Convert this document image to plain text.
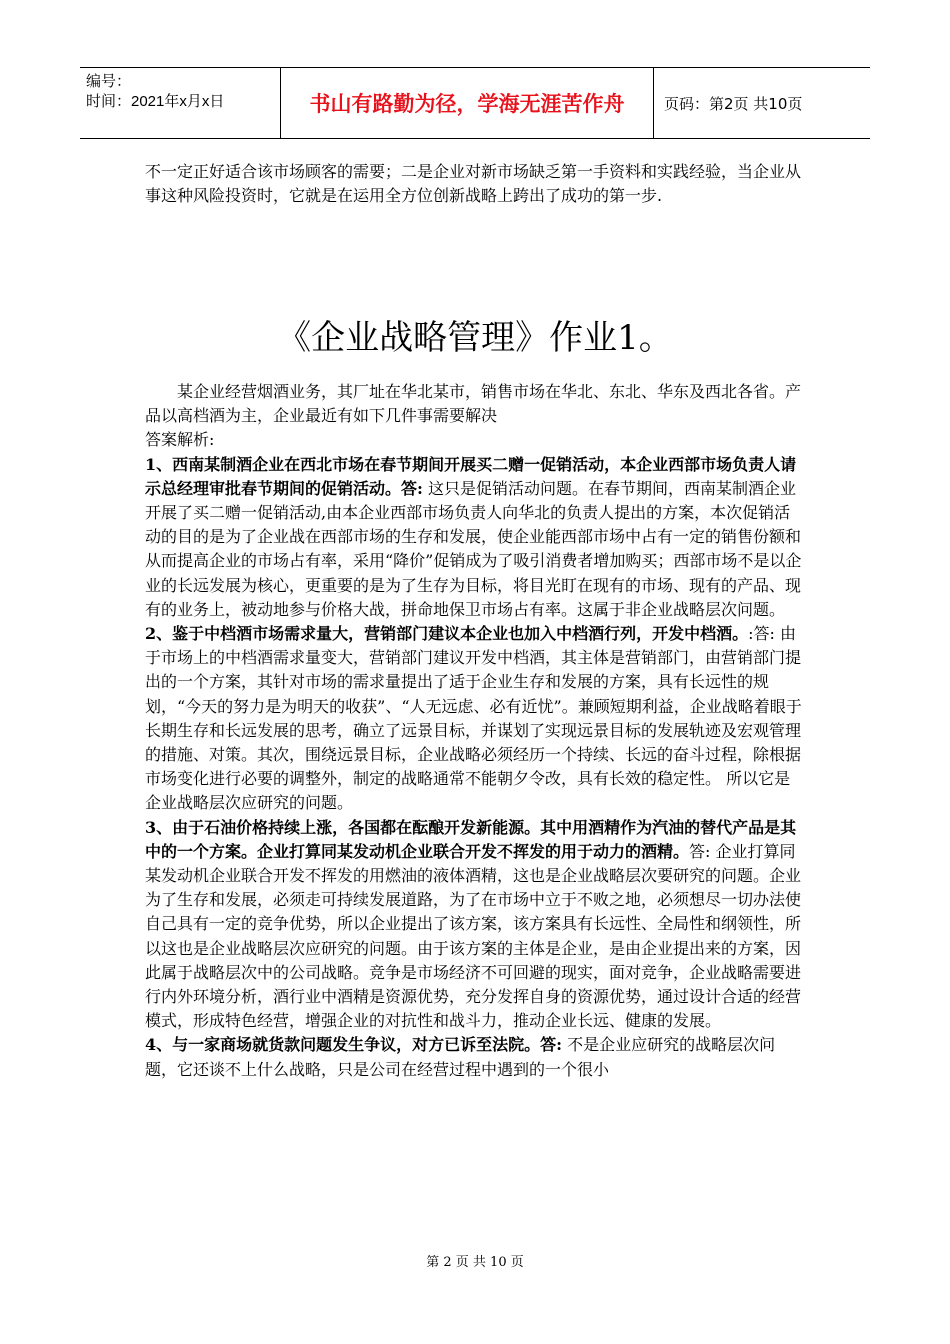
编号：
时间：2021年x月x日	书山有路勤为径，学海无涯苦作舟	页码：第2页 共10页
不一定正好适合该市场顾客的需要；二是企业对新市场缺乏第一手资料和实践经验，当企业从事这种风险投资时，它就是在运用全方位创新战略上跨出了成功的第一步.
《企业战略管理》作业1。

某企业经营烟酒业务，其厂址在华北某市，销售市场在华北、东北、华东及西北各省。产品以高档酒为主，企业最近有如下几件事需要解决

答案解析:

1、西南某制酒企业在西北市场在春节期间开展买二赠一促销活动，本企业西部市场负责人请示总经理审批春节期间的促销活动。答: 这只是促销活动问题。在春节期间，西南某制酒企业开展了买二赠一促销活动,由本企业西部市场负责人向华北的负责人提出的方案，本次促销活动的目的是为了企业战在西部市场的生存和发展，使企业能西部市场中占有一定的销售份额和从而提高企业的市场占有率，采用“降价”促销成为了吸引消费者增加购买；西部市场不是以企业的长远发展为核心，更重要的是为了生存为目标，将目光盯在现有的市场、现有的产品、现有的业务上，被动地参与价格大战，拼命地保卫市场占有率。这属于非企业战略层次问题。

2、鉴于中档酒市场需求量大，营销部门建议本企业也加入中档酒行列，开发中档酒。:答: 由于市场上的中档酒需求量变大，营销部门建议开发中档酒，其主体是营销部门，由营销部门提出的一个方案，其针对市场的需求量提出了适于企业生存和发展的方案，具有长远性的规划，“今天的努力是为明天的收获”、“人无远虑、必有近忧”。兼顾短期利益，企业战略着眼于长期生存和长远发展的思考，确立了远景目标，并谋划了实现远景目标的发展轨迹及宏观管理的措施、对策。其次，围绕远景目标，企业战略必须经历一个持续、长远的奋斗过程，除根据市场变化进行必要的调整外，制定的战略通常不能朝夕令改，具有长效的稳定性。 所以它是企业战略层次应研究的问题。

3、由于石油价格持续上涨，各国都在酝酿开发新能源。其中用酒精作为汽油的替代产品是其中的一个方案。企业打算同某发动机企业联合开发不挥发的用于动力的酒精。答: 企业打算同某发动机企业联合开发不挥发的用燃油的液体酒精，这也是企业战略层次要研究的问题。企业为了生存和发展，必须走可持续发展道路，为了在市场中立于不败之地，必须想尽一切办法使自己具有一定的竞争优势，所以企业提出了该方案，该方案具有长远性、全局性和纲领性，所以这也是企业战略层次应研究的问题。由于该方案的主体是企业，是由企业提出来的方案，因此属于战略层次中的公司战略。竞争是市场经济不可回避的现实，面对竞争，企业战略需要进行内外环境分析，酒行业中酒精是资源优势，充分发挥自身的资源优势，通过设计合适的经营模式，形成特色经营，增强企业的对抗性和战斗力，推动企业长远、健康的发展。

4、与一家商场就货款问题发生争议，对方已诉至法院。答: 不是企业应研究的战略层次问题，它还谈不上什么战略，只是公司在经营过程中遇到的一个很小

第 2 页 共 10 页
